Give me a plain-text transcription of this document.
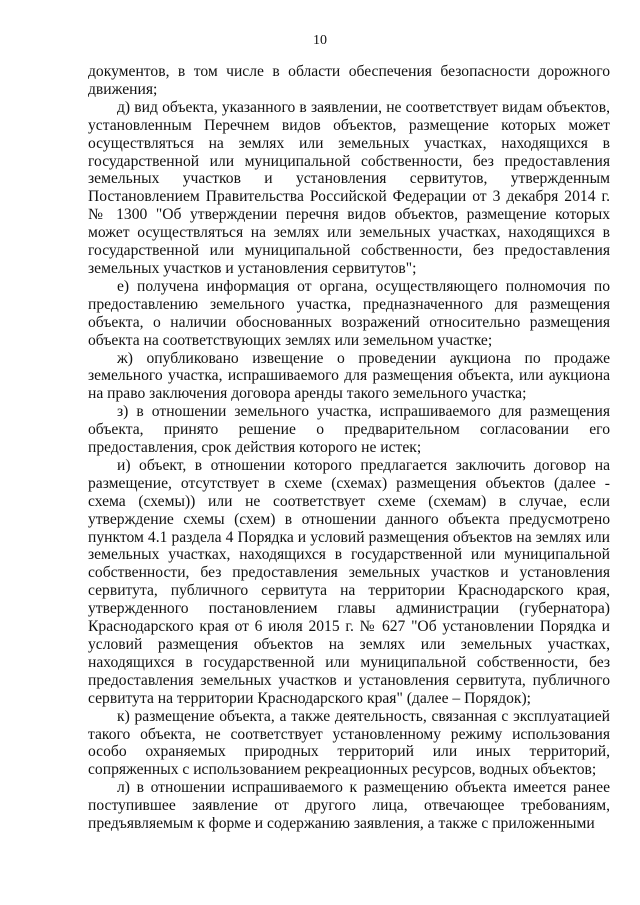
10

документов, в том числе в области обеспечения безопасности дорожного движения;

д) вид объекта, указанного в заявлении, не соответствует видам объектов, установленным Перечнем видов объектов, размещение которых может осуществляться на землях или земельных участках, находящихся в государственной или муниципальной собственности, без предоставления земельных участков и установления сервитутов, утвержденным Постановлением Правительства Российской Федерации от 3 декабря 2014 г. № 1300 "Об утверждении перечня видов объектов, размещение которых может осуществляться на землях или земельных участках, находящихся в государственной или муниципальной собственности, без предоставления земельных участков и установления сервитутов";

е) получена информация от органа, осуществляющего полномочия по предоставлению земельного участка, предназначенного для размещения объекта, о наличии обоснованных возражений относительно размещения объекта на соответствующих землях или земельном участке;

ж) опубликовано извещение о проведении аукциона по продаже земельного участка, испрашиваемого для размещения объекта, или аукциона на право заключения договора аренды такого земельного участка;

з) в отношении земельного участка, испрашиваемого для размещения объекта, принято решение о предварительном согласовании его предоставления, срок действия которого не истек;

и) объект, в отношении которого предлагается заключить договор на размещение, отсутствует в схеме (схемах) размещения объектов (далее - схема (схемы)) или не соответствует схеме (схемам) в случае, если утверждение схемы (схем) в отношении данного объекта предусмотрено пунктом 4.1 раздела 4 Порядка и условий размещения объектов на землях или земельных участках, находящихся в государственной или муниципальной собственности, без предоставления земельных участков и установления сервитута, публичного сервитута на территории Краснодарского края, утвержденного постановлением главы администрации (губернатора) Краснодарского края от 6 июля 2015 г. № 627 "Об установлении Порядка и условий размещения объектов на землях или земельных участках, находящихся в государственной или муниципальной собственности, без предоставления земельных участков и установления сервитута, публичного сервитута на территории Краснодарского края" (далее – Порядок);

к) размещение объекта, а также деятельность, связанная с эксплуатацией такого объекта, не соответствует установленному режиму использования особо охраняемых природных территорий или иных территорий, сопряженных с использованием рекреационных ресурсов, водных объектов;

л) в отношении испрашиваемого к размещению объекта имеется ранее поступившее заявление от другого лица, отвечающее требованиям, предъявляемым к форме и содержанию заявления, а также с приложенными
